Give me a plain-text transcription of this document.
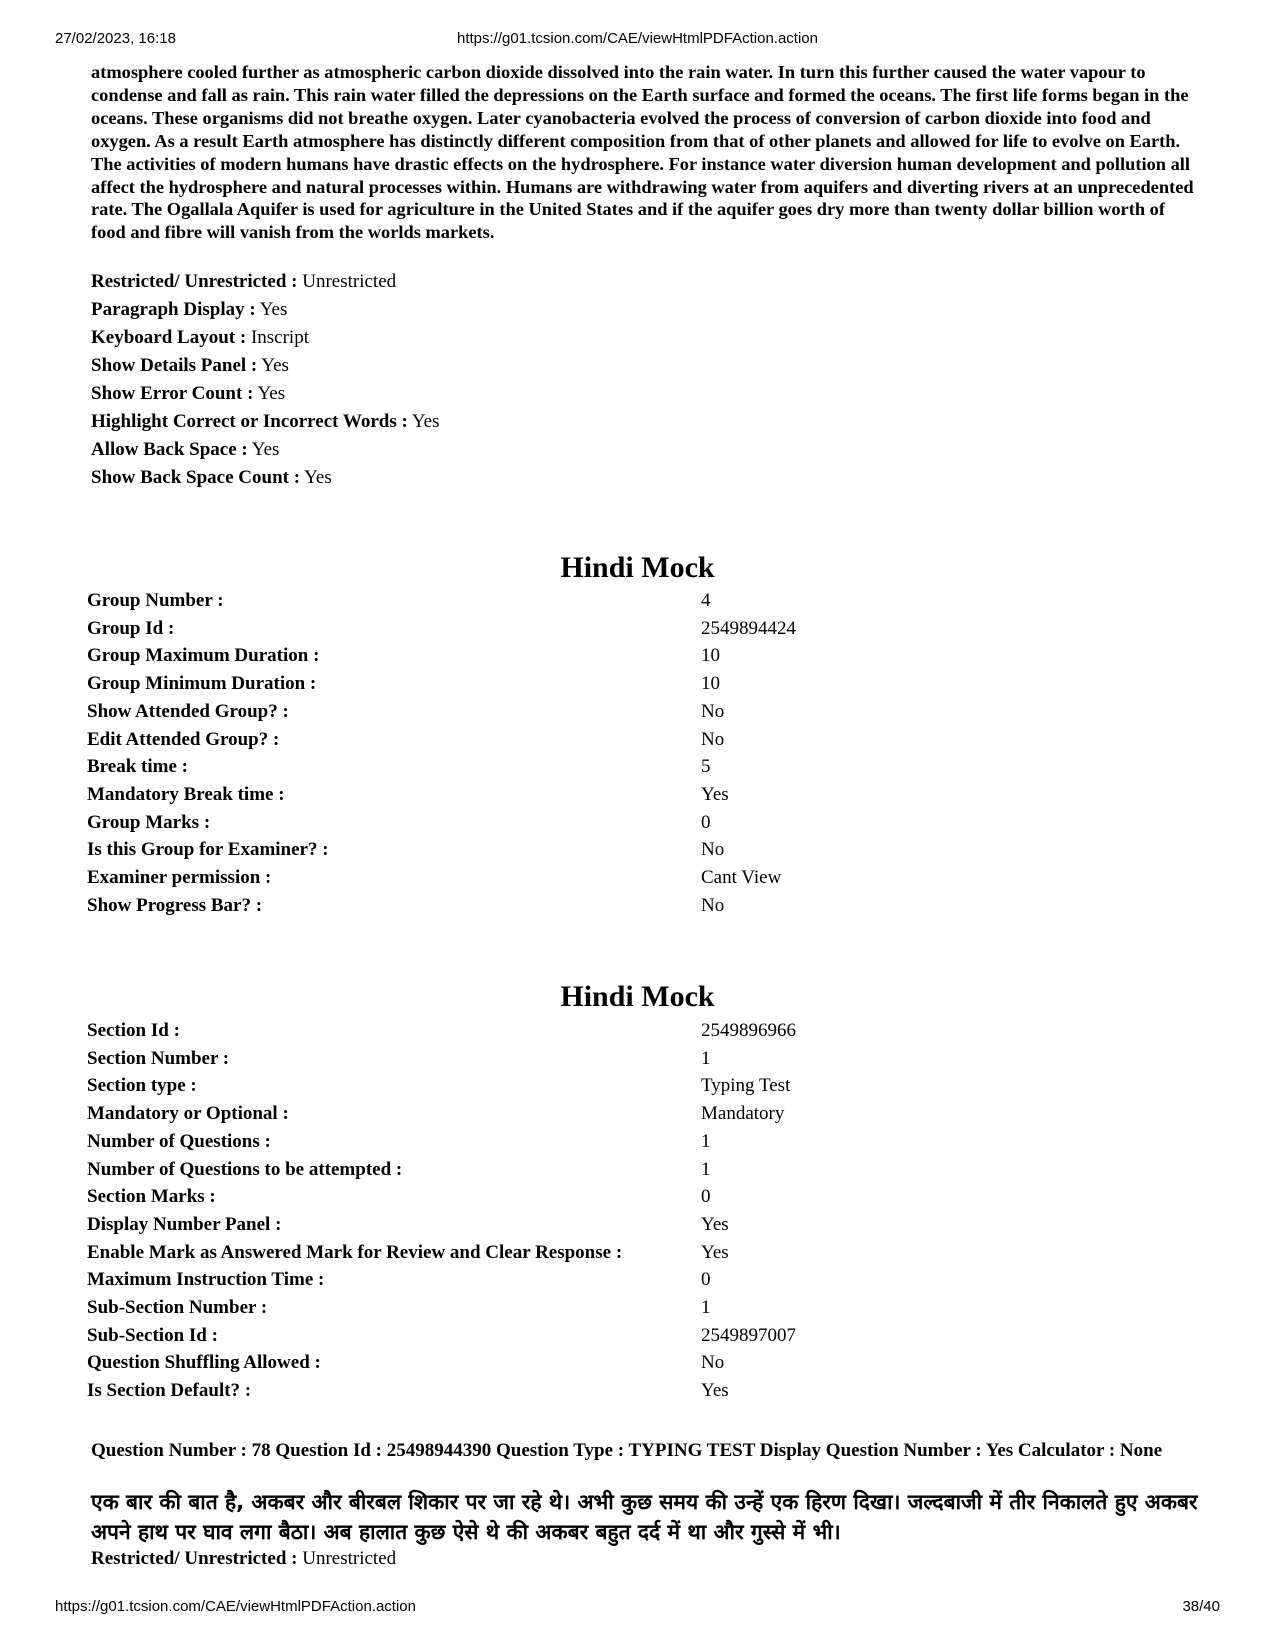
27/02/2023, 16:18	https://g01.tcsion.com/CAE/viewHtmlPDFAction.action
atmosphere cooled further as atmospheric carbon dioxide dissolved into the rain water. In turn this further caused the water vapour to condense and fall as rain. This rain water filled the depressions on the Earth surface and formed the oceans. The first life forms began in the oceans. These organisms did not breathe oxygen. Later cyanobacteria evolved the process of conversion of carbon dioxide into food and oxygen. As a result Earth atmosphere has distinctly different composition from that of other planets and allowed for life to evolve on Earth. The activities of modern humans have drastic effects on the hydrosphere. For instance water diversion human development and pollution all affect the hydrosphere and natural processes within. Humans are withdrawing water from aquifers and diverting rivers at an unprecedented rate. The Ogallala Aquifer is used for agriculture in the United States and if the aquifer goes dry more than twenty dollar billion worth of food and fibre will vanish from the worlds markets.
Restricted/ Unrestricted : Unrestricted
Paragraph Display : Yes
Keyboard Layout : Inscript
Show Details Panel : Yes
Show Error Count : Yes
Highlight Correct or Incorrect Words : Yes
Allow Back Space : Yes
Show Back Space Count : Yes
Hindi Mock
Group Number :	4
Group Id :	2549894424
Group Maximum Duration :	10
Group Minimum Duration :	10
Show Attended Group? :	No
Edit Attended Group? :	No
Break time :	5
Mandatory Break time :	Yes
Group Marks :	0
Is this Group for Examiner? :	No
Examiner permission :	Cant View
Show Progress Bar? :	No
Hindi Mock
Section Id :	2549896966
Section Number :	1
Section type :	Typing Test
Mandatory or Optional :	Mandatory
Number of Questions :	1
Number of Questions to be attempted :	1
Section Marks :	0
Display Number Panel :	Yes
Enable Mark as Answered Mark for Review and Clear Response :	Yes
Maximum Instruction Time :	0
Sub-Section Number :	1
Sub-Section Id :	2549897007
Question Shuffling Allowed :	No
Is Section Default? :	Yes
Question Number : 78 Question Id : 25498944390 Question Type : TYPING TEST Display Question Number : Yes Calculator : None
एक बार की बात है, अकबर और बीरबल शिकार पर जा रहे थे। अभी कुछ समय की उन्हें एक हिरण दिखा। जल्दबाजी में तीर निकालते हुए अकबर अपने हाथ पर घाव लगा बैठा। अब हालात कुछ ऐसे थे की अकबर बहुत दर्द में था और गुस्से में भी।
Restricted/ Unrestricted : Unrestricted
https://g01.tcsion.com/CAE/viewHtmlPDFAction.action	38/40
